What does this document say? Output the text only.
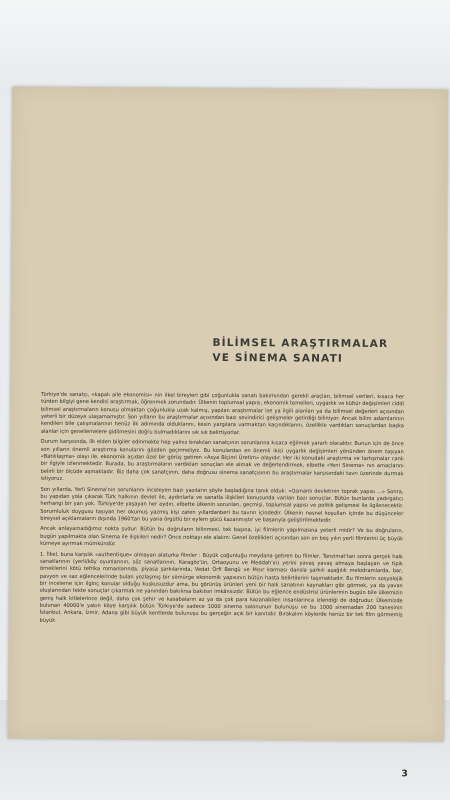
BİLİMSEL ARAŞTIRMALAR
VE SİNEMA SANATI

Türkiye'de sanatçı, «kapalı aile ekonomisi» nin ilkel bireyleri gibi çoğunlukla sanatı bakımından gerekli araçları, bilimsel verileri, kısaca her türden bilgiyi gene kendisi araştırmak, öğrenmek zorundadır. Ülkenin toplumsal yapısı, ekonomik temelleri, uygarlık ve kültür değişimleri ciddi bilimsel araştırmaların konusu olmaktan çoğunlukla uzak kalmış, yapılan araştırmalar ise ya ilgili alanları ya da bilimsel değerleri açısından yeterli bir düzeye ulaşamamıştır. Son yılların bu araştırmalar açısından bazı sevindirici gelişmeler getirdiği biliniyor. Ancak bilim adamlarının kendileri bile çalışmalarının henüz ilk adımında olduklarını, kesin yargılara varmaktan kaçındıklarını, özellikle vardıkları sonuçlardan başka alanlar için genellemelere gidilmesini doğru bulmadıklarını sık sık belirtiyorlar.

Durum karşısında, ilk elden bilgiler edinmekte hep yalnız bırakılan sanatçının sorunlarına kısaca eğilmek yararlı olacaktır. Bunun için de önce son yılların önemli araştırma konularını gözden geçirmeliyiz. Bu konulardan en önemli ikisi uygarlık değişimleri yönünden önem taşıyan «Batılılaşma» olayı ile, ekonomik açıdan özel bir görüş getiren «Asya Biçimi Üretim» olayıdır. Her iki konudaki araştırma ve tartışmalar canlı bir ilgiyle izlenmektedir. Burada, bu araştırmaların vardıkları sonuçları ele almak ve değerlendirmek, elbette «Yeni Sinema» nın amaçlarını belirli bir ölçüde aşmaktadır. Biz daha çok sanatçının, daha doğrusu sinema sanatçısının bu araştırmalar karşısındaki tavrı üzerinde durmak istiyoruz.

Son yıllarda, Yerli Sinema'nın sorunlarını inceleyen bazı yazıların şöyle başladığına tanık olduk: «Osmanlı devletinin toprak yapısı ...» Sonra, bu yapıdan yola çıkarak Türk halkının devlet ile, aydınlarla ve sanatla ilişkileri konusunda varılan bazı sonuçlar. Bütün bunlarda yadırgatıcı herhangi bir yan yok. Türkiye'de yaşayan her aydın, elbette ülkenin sorunları, geçmişi, toplumsal yapısı ve politik gelişmesi ile ilgilenecektir. Sorumluluk duygusu taşıyan her okumuş yazmış kişi zaten yıllardanberi bu tavrın içindedir. Ülkenin nesnel koşulları içinde bu düşünceler bireysel açıklamaların dışında 1960'tan bu yana örgütlü bir eylem gücü kazanmıştır ve başarıyla geliştirilmektedir.

Ancak anlayamadığımız nokta şudur: Bütün bu doğruların bilinmesi, tek başına, iyi filmlerin yapılmasına yeterli midir? Ve bu doğruların, bugün yapılmakta olan Sinema ile ilişkileri nedir? Önce noktayı ele alalım: Genel özellikleri açısından son on beş yılın yerli filmlerini üç büyük kümeye ayırmak mümkündür.

1. İlkel, buna karşılık «authentique» olmayan alaturka filmler : Büyük çoğunluğu meydana getiren bu filmler, Tanzimat'tan sonra gerçek halk sanatlarının (yerli/köy oyunlarının, söz sanatlarının, Karagöz'ün, Ortaoyunu ve Meddah'ın) yerini yavaş yavaş almaya başlayan ve tipik örneklerini kötü tefrika romanlarında, piyasa şarkılarında, Vedat Örfi Bengü ve Mısır karması dansla şarkılı aşağılık melodramlarda, bar, pavyon ve saz eğlencelerinde bulan yozlaşmış bir sömürge ekonomik yapısının bütün hasta belirtilerini taşımaktadır. Bu filmlerin sosyolojik bir inceleme için ilginç konular olduğu kuşkusuzdur ama, bu görünüş ürünleri yeni bir halk sanatının kaynakları gibi görmek, ya da yavan oluşlarından tekte sonuçlar çıkarmak ne yanından bakılırsa bakılsın imkânsızdır. Bütün bu eğlence endüstrisi ürünlerinin bugün bile ülkemizin geniş halk kitlelerince değil, daha çok şehir ve kasabaların az ya da çok para kazanabilen insanlarınca izlendiği de doğrudur. Ülkemizde bulunan 40000'e yakın köye karşılık bütün Türkiye'de sadece 1000 sinema salonunun bulunuşu ve bu 1000 sinemadan 200 tanesinin İstanbul, Ankara, İzmir, Adana gibi büyük kentlerde bulunuşu bu gerçeğin açık bir kanıtıdır. Bırakalım köylerde henüz bir tek film görmemiş büyük

3
